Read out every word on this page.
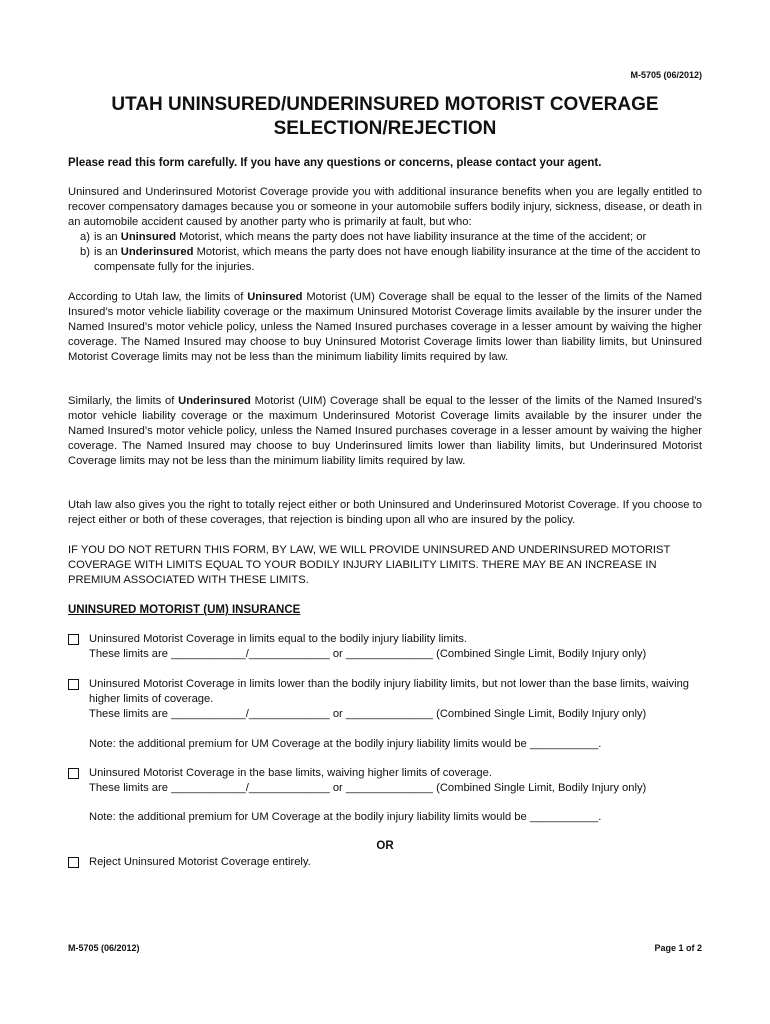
M-5705 (06/2012)
UTAH UNINSURED/UNDERINSURED MOTORIST COVERAGE
SELECTION/REJECTION
Please read this form carefully. If you have any questions or concerns, please contact your agent.

Uninsured and Underinsured Motorist Coverage provide you with additional insurance benefits when you are legally entitled to recover compensatory damages because you or someone in your automobile suffers bodily injury, sickness, disease, or death in an automobile accident caused by another party who is primarily at fault, but who:

a) is an Uninsured Motorist, which means the party does not have liability insurance at the time of the accident; or
b) is an Underinsured Motorist, which means the party does not have enough liability insurance at the time of the accident to compensate fully for the injuries.

According to Utah law, the limits of Uninsured Motorist (UM) Coverage shall be equal to the lesser of the limits of the Named Insured’s motor vehicle liability coverage or the maximum Uninsured Motorist Coverage limits available by the insurer under the Named Insured’s motor vehicle policy, unless the Named Insured purchases coverage in a lesser amount by waiving the higher coverage. The Named Insured may choose to buy Uninsured Motorist Coverage limits lower than liability limits, but Uninsured Motorist Coverage limits may not be less than the minimum liability limits required by law.

Similarly, the limits of Underinsured Motorist (UIM) Coverage shall be equal to the lesser of the limits of the Named Insured’s motor vehicle liability coverage or the maximum Underinsured Motorist Coverage limits available by the insurer under the Named Insured’s motor vehicle policy, unless the Named Insured purchases coverage in a lesser amount by waiving the higher coverage. The Named Insured may choose to buy Underinsured limits lower than liability limits, but Underinsured Motorist Coverage limits may not be less than the minimum liability limits required by law.

Utah law also gives you the right to totally reject either or both Uninsured and Underinsured Motorist Coverage. If you choose to reject either or both of these coverages, that rejection is binding upon all who are insured by the policy.

IF YOU DO NOT RETURN THIS FORM, BY LAW, WE WILL PROVIDE UNINSURED AND UNDERINSURED MOTORIST COVERAGE WITH LIMITS EQUAL TO YOUR BODILY INJURY LIABILITY LIMITS. THERE MAY BE AN INCREASE IN PREMIUM ASSOCIATED WITH THESE LIMITS.

UNINSURED MOTORIST (UM) INSURANCE
Uninsured Motorist Coverage in limits equal to the bodily injury liability limits.
These limits are ____________/_____________ or ______________ (Combined Single Limit, Bodily Injury only)
Uninsured Motorist Coverage in limits lower than the bodily injury liability limits, but not lower than the base limits, waiving higher limits of coverage.
These limits are ____________/_____________ or ______________ (Combined Single Limit, Bodily Injury only)
Note: the additional premium for UM Coverage at the bodily injury liability limits would be ___________.
Uninsured Motorist Coverage in the base limits, waiving higher limits of coverage.
These limits are ____________/_____________ or ______________ (Combined Single Limit, Bodily Injury only)
Note: the additional premium for UM Coverage at the bodily injury liability limits would be ___________.
OR
Reject Uninsured Motorist Coverage entirely.
M-5705 (06/2012)	Page 1 of 2
